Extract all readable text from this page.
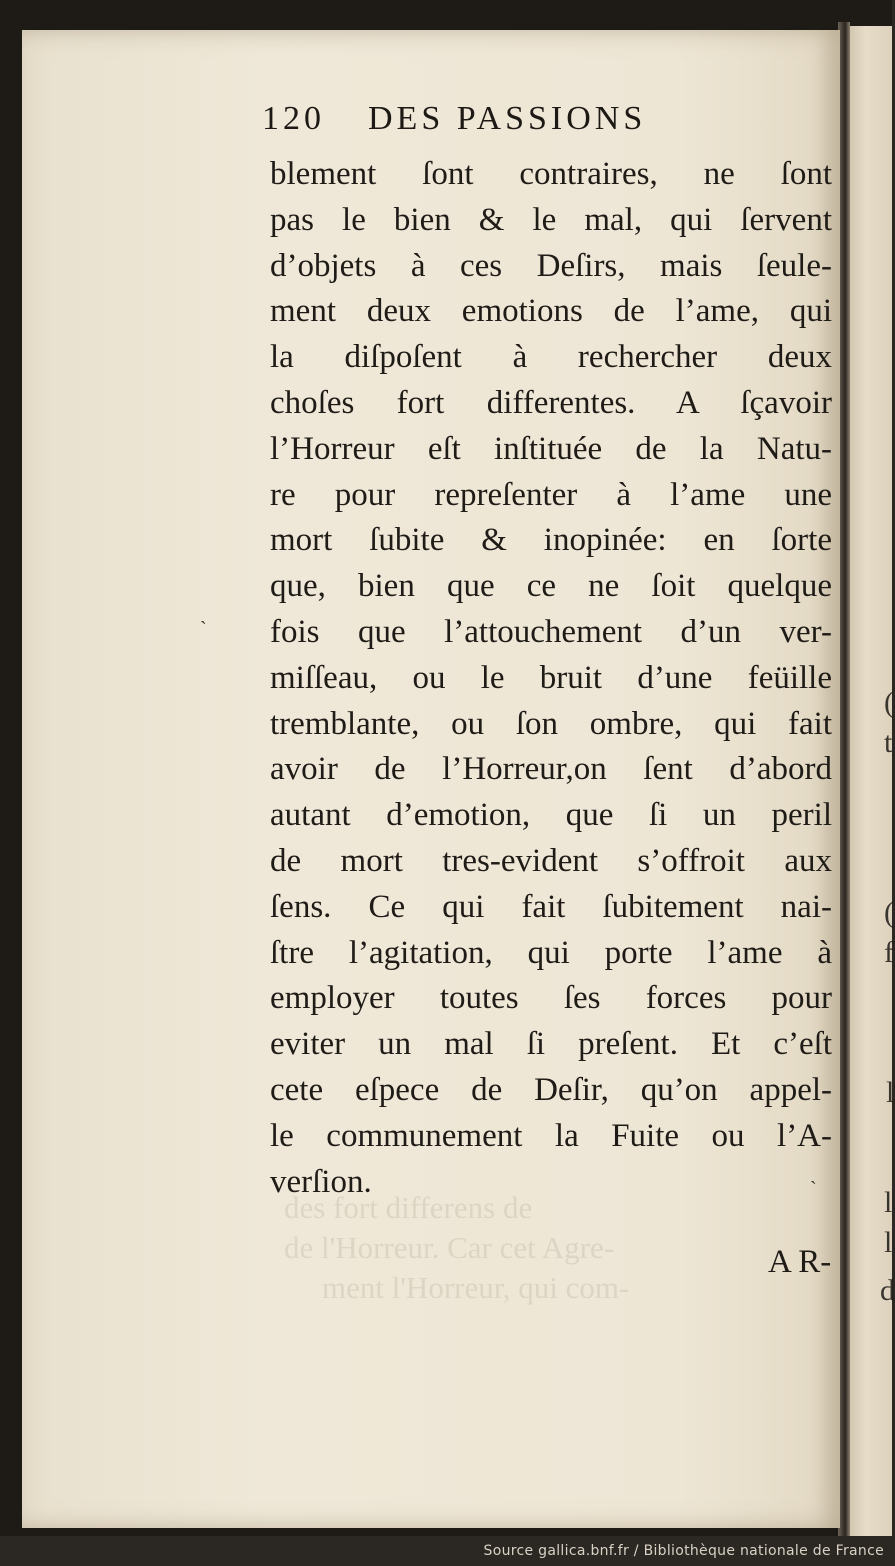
(
t
(
f
l
l
l
d
des fort differens de
de l'Horreur. Car cet Agre-
ment l'Horreur, qui com-
ˋ
ˋ
120 DES PASSIONS
blement ſont contraires, ne ſont
pas le bien & le mal, qui ſervent
d’objets à ces Deſirs, mais ſeule-
ment deux emotions de l’ame, qui
la diſpoſent à rechercher deux
choſes fort differentes. A ſçavoir
l’Horreur eſt inſtituée de la Natu-
re pour repreſenter à l’ame une
mort ſubite & inopinée: en ſorte
que, bien que ce ne ſoit quelque
fois que l’attouchement d’un ver-
miſſeau, ou le bruit d’une feüille
tremblante, ou ſon ombre, qui fait
avoir de l’Horreur,on ſent d’abord
autant d’emotion, que ſi un peril
de mort tres-evident s’offroit aux
ſens. Ce qui fait ſubitement nai-
ſtre l’agitation, qui porte l’ame à
employer toutes ſes forces pour
eviter un mal ſi preſent. Et c’eſt
cete eſpece de Deſir, qu’on appel-
le communement la Fuite ou l’A-
verſion.
A R-
Source gallica.bnf.fr / Bibliothèque nationale de France
